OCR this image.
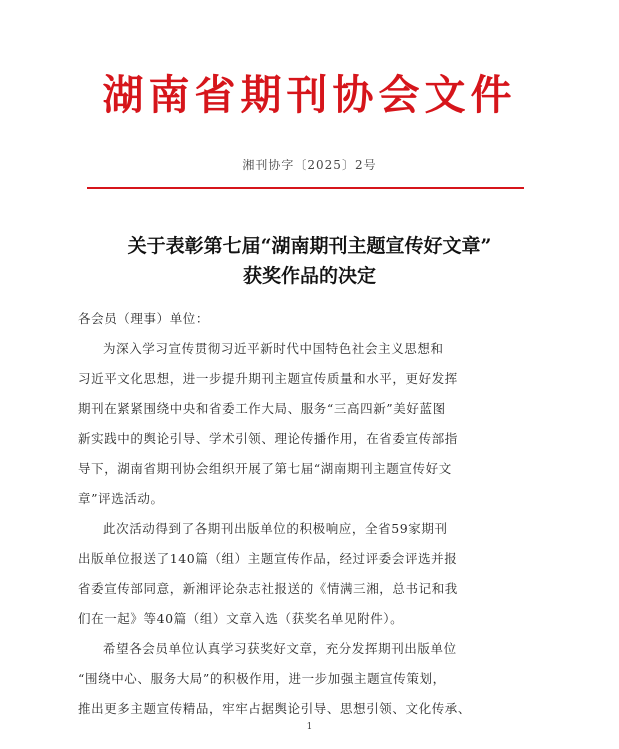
湖南省期刊协会文件
湘刊协字〔2025〕2号
关于表彰第七届“湖南期刊主题宣传好文章”
获奖作品的决定
各会员（理事）单位：
为深入学习宣传贯彻习近平新时代中国特色社会主义思想和
习近平文化思想，进一步提升期刊主题宣传质量和水平，更好发挥
期刊在紧紧围绕中央和省委工作大局、服务“三高四新”美好蓝图
新实践中的舆论引导、学术引领、理论传播作用，在省委宣传部指
导下，湖南省期刊协会组织开展了第七届“湖南期刊主题宣传好文
章”评选活动。
此次活动得到了各期刊出版单位的积极响应，全省59家期刊
出版单位报送了140篇（组）主题宣传作品，经过评委会评选并报
省委宣传部同意，新湘评论杂志社报送的《情满三湘，总书记和我
们在一起》等40篇（组）文章入选（获奖名单见附件）。
希望各会员单位认真学习获奖好文章，充分发挥期刊出版单位
“围绕中心、服务大局”的积极作用，进一步加强主题宣传策划，
推出更多主题宣传精品，牢牢占据舆论引导、思想引领、文化传承、
1
